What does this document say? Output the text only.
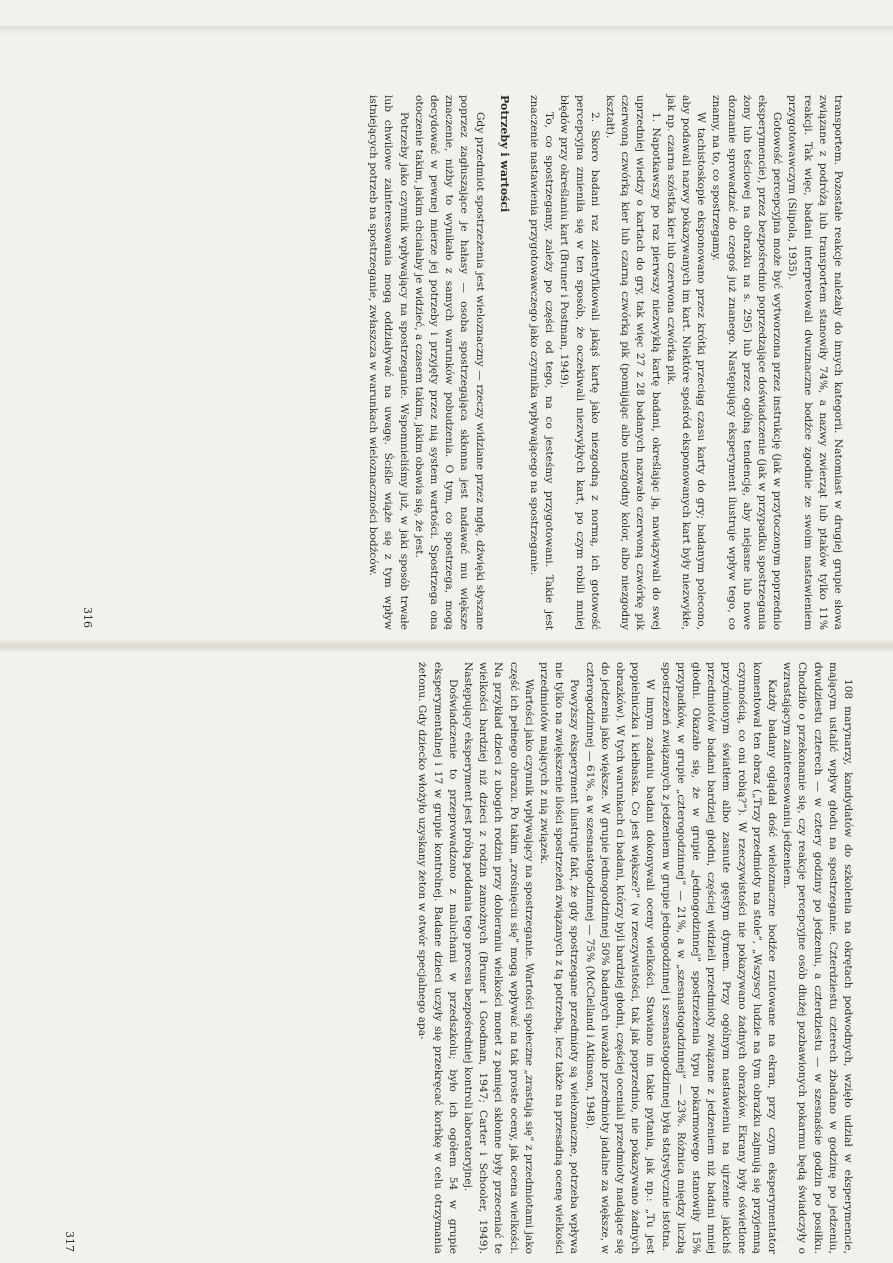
transportem. Pozostałe reakcje należały do innych kategorii. Natomiast w drugiej grupie słowa związane z podróżą lub transportem stanowiły 74%, a nazwy zwierząt lub ptaków tylko 11% reakcji. Tak więc, badani interpretowali dwuznaczne bodźce zgodnie ze swoim nastawieniem przygotowawczym (Siipola, 1935).

Gotowość percepcyjna może być wytworzona przez instrukcję (jak w przytoczonym poprzednio eksperymencie), przez bezpośrednio poprzedzające doświadczenie (jak w przypadku spostrzegania żony lub teściowej na obrazku na s. 295) lub przez ogólną tendencję, aby niejasne lub nowe doznanie sprowadzać do czegoś już znanego. Następujący eksperyment ilustruje wpływ tego, co znamy, na to, co spostrzegamy.

W tachistoskopie eksponowano przez krótki przeciąg czasu karty do gry; badanym polecono, aby podawali nazwy pokazywanych im kart. Niektóre spośród eksponowanych kart były niezwykłe, jak np. czarna szóstka kier lub czerwona czwórka pik.

1. Napotkawszy po raz pierwszy niezwykłą kartę badani, określając ją, nawiązywali do swej uprzedniej wiedzy o kartach do gry, tak więc 27 z 28 badanych nazwało czerwoną czwórkę pik czerwoną czwórką kier lub czarną czwórką pik (pomijając albo niezgodny kolor, albo niezgodny kształt).

2. Skoro badani raz zidentyfikowali jakąś kartę jako niezgodną z normą, ich gotowość percepcyjna zmieniła się w ten sposób, że oczekiwali niezwykłych kart, po czym robili mniej błędów przy określaniu kart (Bruner i Postman, 1949).

To, co spostrzegamy, zależy po części od tego, na co jesteśmy przygotowani. Takie jest znaczenie nastawienia przygotowawczego jako czynnika wpływającego na spostrzeganie.

Potrzeby i wartości

Gdy przedmiot spostrzeżenia jest wieloznaczny — rzeczy widziane przez mgłę, dźwięki słyszane poprzez zagłuszające je hałasy — osoba spostrzegająca skłonna jest nadawać mu większe znaczenie, niżby to wynikało z samych warunków pobudzenia. O tym, co spostrzega, mogą decydować w pewnej mierze jej potrzeby i przyjęty przez nią system wartości. Spostrzega ona otoczenie takim, jakim chciałaby je widzieć, a czasem takim, jakim obawia się, że jest.

Potrzeby jako czynnik wpływający na spostrzeganie. Wspomnieliśmy już, w jaki sposób trwałe lub chwilowe zainteresowania mogą oddziaływać na uwagę. Ściśle wiąże się z tym wpływ istniejących potrzeb na spostrzeganie, zwłaszcza w warunkach wieloznaczności bodźców.

316

108 marynarzy, kandydatów do szkolenia na okrętach podwodnych, wzięło udział w eksperymencie, mającym ustalić wpływ głodu na spostrzeganie. Czterdziestu czterech zbadano w godzinę po jedzeniu, dwudziestu czterech — w cztery godziny po jedzeniu, a czterdziestu — w szesnaście godzin po posiłku. Chodziło o przekonanie się, czy reakcje percepcyjne osób dłużej pozbawionych pokarmu będą świadczyły o wzrastającym zainteresowaniu jedzeniem.

Każdy badany oglądał dość wieloznaczne bodźce rzutowane na ekran, przy czym eksperymentator komentował ten obraz („Trzy przedmioty na stole”, „Wszyscy ludzie na tym obrazku zajmują się przyjemną czynnością, co oni robią?”). W rzeczywistości nie pokazywano żadnych obrazków. Ekrany były oświetlone przyćmionym światłem albo zasnute gęstym dymem. Przy ogólnym nastawieniu na ujrzenie jakichś przedmiotów badani bardziej głodni, częściej widzieli przedmioty związane z jedzeniem niż badani mniej głodni. Okazało się, że w grupie „jednogodzinnej” spostrzeżenia typu pokarmowego stanowiły 15% przypadków, w grupie „czterogodzinnej” — 21%, a w „szesnastogodzinnej” — 23%. Różnica między liczbą spostrzeżeń związanych z jedzeniem w grupie jednogodzinnej i szesnastogodzinnej była statystycznie istotna.

W innym zadaniu badani dokonywali oceny wielkości. Stawiano im takie pytania, jak np.: „Tu jest popielniczka i kiełbaska. Co jest większe?” (w rzeczywistości, tak jak poprzednio, nie pokazywano żadnych obrazków). W tych warunkach ci badani, którzy byli bardziej głodni, częściej oceniali przedmioty nadające się do jedzenia jako większe. W grupie jednogodzinnej 50% badanych uważało przedmioty jadalne za większe, w czterogodzinnej — 61%, a w szesnastogodzinnej — 75% (McClelland i Atkinson, 1948).

Powyższy eksperyment ilustruje fakt, że gdy spostrzegane przedmioty są wieloznaczne, potrzeba wpływa nie tylko na zwiększenie ilości spostrzeżeń związanych z tą potrzebą, lecz także na przesadną ocenę wielkości przedmiotów mających z nią związek.

Wartości jako czynnik wpływający na spostrzeganie. Wartości społeczne „zrastają się” z przedmiotami jako część ich pełnego obrazu. Po takim „zrośnięciu się” mogą wpływać na tak proste oceny, jak ocena wielkości. Na przykład dzieci z ubogich rodzin przy dobieraniu wielkości monet z pamięci skłonne były przeceniać te wielkości bardziej niż dzieci z rodzin zamożnych (Bruner i Goodman, 1947; Carter i Schooler, 1949). Następujący eksperyment jest próbą poddania tego procesu bezpośredniej kontroli laboratoryjnej.

Doświadczenie to przeprowadzono z maluchami w przedszkolu; było ich ogółem 54 w grupie eksperymentalnej i 17 w grupie kontrolnej. Badane dzieci uczyły się przekręcać korbkę w celu otrzymania żetonu. Gdy dziecko włożyło uzyskany żeton w otwór specjalnego apa-

317
